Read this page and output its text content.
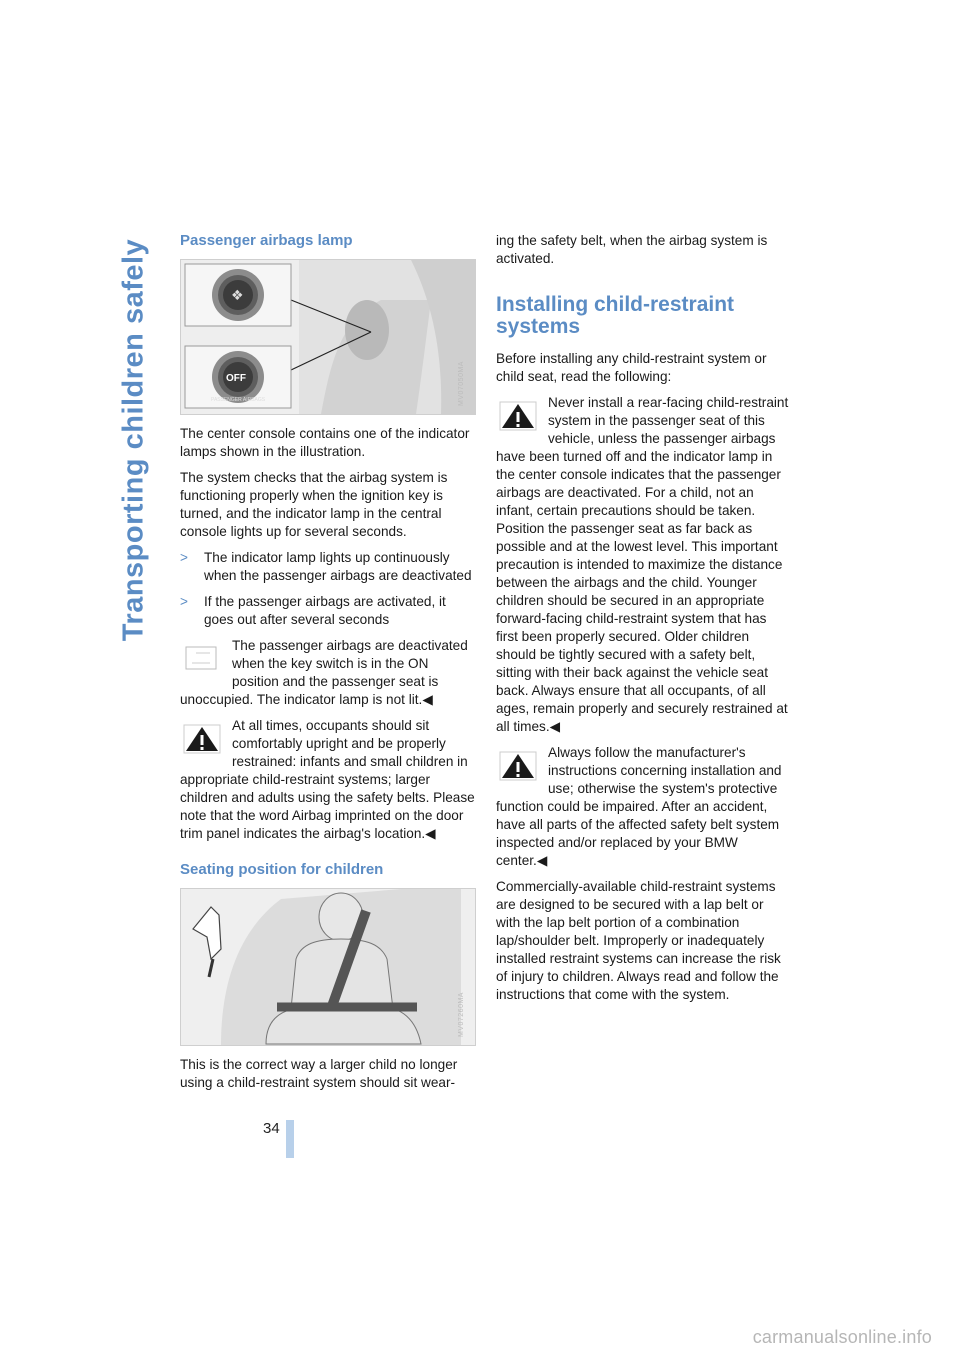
Transporting children safely Passenger airbags lamp
❖
OFF
PASSENGER AIRBAGS	MV07050MA

The center console contains one of the indicator lamps shown in the illustration.

The system checks that the airbag system is functioning properly when the ignition key is turned, and the indicator lamp in the central console lights up for several seconds.

> The indicator lamp lights up continuously when the passenger airbags are deactivated
> If the passenger airbags are activated, it goes out after several seconds
The passenger airbags are deactivated when the key switch is in the ON position and the passenger seat is unoccupied. The indicator lamp is not lit.◀
At all times, occupants should sit comfortably upright and be properly restrained: infants and small children in appropriate child-restraint systems; larger children and adults using the safety belts. Please note that the word Airbag imprinted on the door trim panel indicates the airbag's location.◀
Seating position for children
MV07260MA

This is the correct way a larger child no longer using a child-restraint system should sit wear-

ing the safety belt, when the airbag system is activated.

Installing child-restraint systems

Before installing any child-restraint system or child seat, read the following:

Never install a rear-facing child-restraint system in the passenger seat of this vehicle, unless the passenger airbags have been turned off and the indicator lamp in the center console indicates that the passenger airbags are deactivated. For a child, not an infant, certain precautions should be taken. Position the passenger seat as far back as possible and at the lowest level. This important precaution is intended to maximize the distance between the airbags and the child. Younger children should be secured in an appropriate forward-facing child-restraint system that has first been properly secured. Older children should be tightly secured with a safety belt, sitting with their back against the vehicle seat back. Always ensure that all occupants, of all ages, remain properly and securely restrained at all times.◀
Always follow the manufacturer's instructions concerning installation and use; otherwise the system's protective function could be impaired. After an accident, have all parts of the affected safety belt system inspected and/or replaced by your BMW center.◀

Commercially-available child-restraint systems are designed to be secured with a lap belt or with the lap belt portion of a combination lap/shoulder belt. Improperly or inadequately installed restraint systems can increase the risk of injury to children. Always read and follow the instructions that come with the system.

34
carmanualsonline.info
